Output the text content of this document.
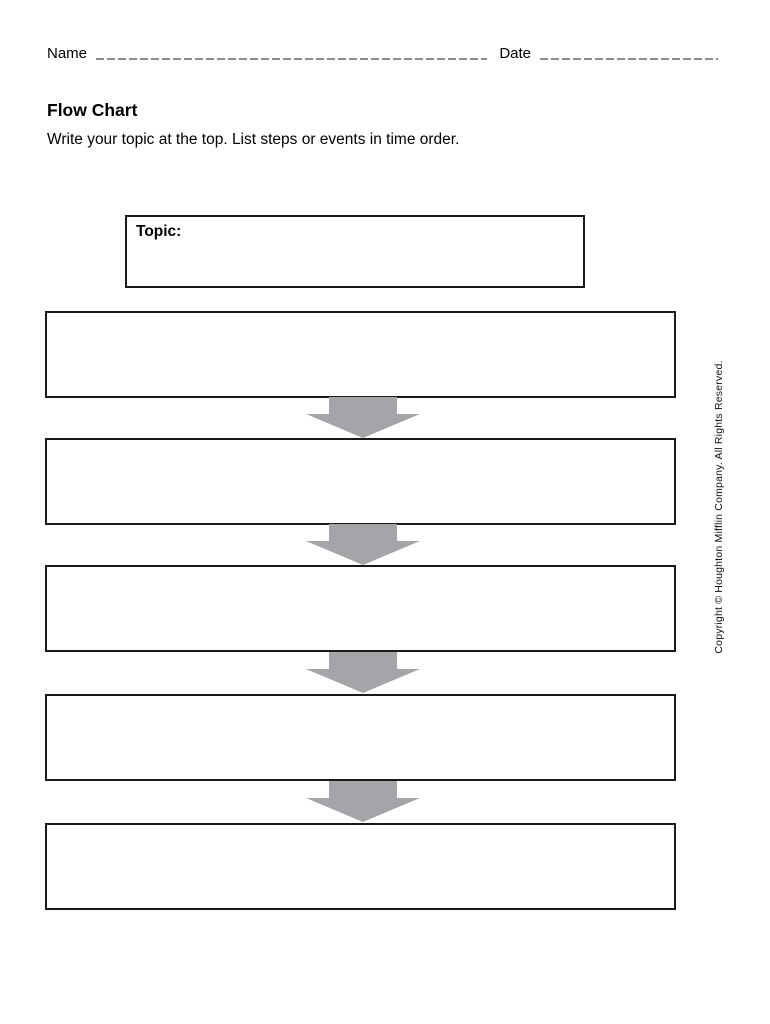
Name	Date
Flow Chart
Write your topic at the top. List steps or events in time order.
Topic:
Copyright © Houghton Mifflin Company. All Rights Reserved.
